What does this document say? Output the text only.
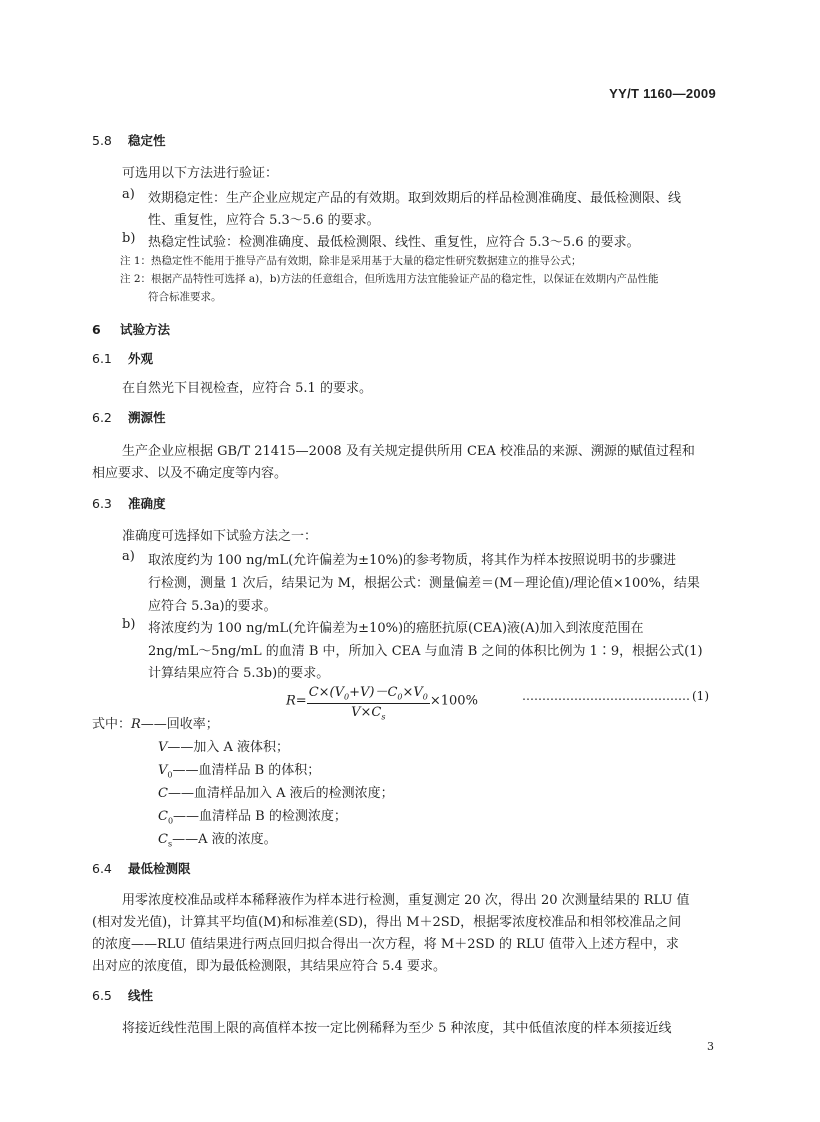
YY/T 1160—2009
5.8 稳定性
可选用以下方法进行验证：
a) 效期稳定性：生产企业应规定产品的有效期。取到效期后的样品检测准确度、最低检测限、线
性、重复性，应符合 5.3～5.6 的要求。
b) 热稳定性试验：检测准确度、最低检测限、线性、重复性，应符合 5.3～5.6 的要求。
注 1：热稳定性不能用于推导产品有效期，除非是采用基于大量的稳定性研究数据建立的推导公式；
注 2：根据产品特性可选择 a)，b)方法的任意组合，但所选用方法宜能验证产品的稳定性，以保证在效期内产品性能
符合标准要求。
6 试验方法
6.1 外观
在自然光下目视检查，应符合 5.1 的要求。
6.2 溯源性
生产企业应根据 GB/T 21415—2008 及有关规定提供所用 CEA 校准品的来源、溯源的赋值过程和
相应要求、以及不确定度等内容。
6.3 准确度
准确度可选择如下试验方法之一：
a) 取浓度约为 100 ng/mL(允许偏差为±10%)的参考物质，将其作为样本按照说明书的步骤进
行检测，测量 1 次后，结果记为 M，根据公式：测量偏差＝(M－理论值)/理论值×100%，结果
应符合 5.3a)的要求。
b) 将浓度约为 100 ng/mL(允许偏差为±10%)的癌胚抗原(CEA)液(A)加入到浓度范围在
2ng/mL～5ng/mL 的血清 B 中，所加入 CEA 与血清 B 之间的体积比例为 1∶9，根据公式(1)
计算结果应符合 5.3b)的要求。
$R= \frac{C\times(V_0+V)-C_0\times V_0}{V\times C_s} \times 100\%$	…………………………………… (1)
式中： R——回收率；
V——加入 A 液体积；
$V_0——$血清样品 B 的体积；
C——血清样品加入 A 液后的检测浓度；
$C_0——$血清样品 B 的检测浓度；
$C_s——A$ 液的浓度。
6.4 最低检测限
用零浓度校准品或样本稀释液作为样本进行检测，重复测定 20 次，得出 20 次测量结果的 RLU 值
(相对发光值)，计算其平均值(M)和标准差(SD)，得出 M＋2SD，根据零浓度校准品和相邻校准品之间
的浓度——RLU 值结果进行两点回归拟合得出一次方程，将 M＋2SD 的 RLU 值带入上述方程中，求
出对应的浓度值，即为最低检测限，其结果应符合 5.4 要求。
6.5 线性
将接近线性范围上限的高值样本按一定比例稀释为至少 5 种浓度，其中低值浓度的样本须接近线
3
